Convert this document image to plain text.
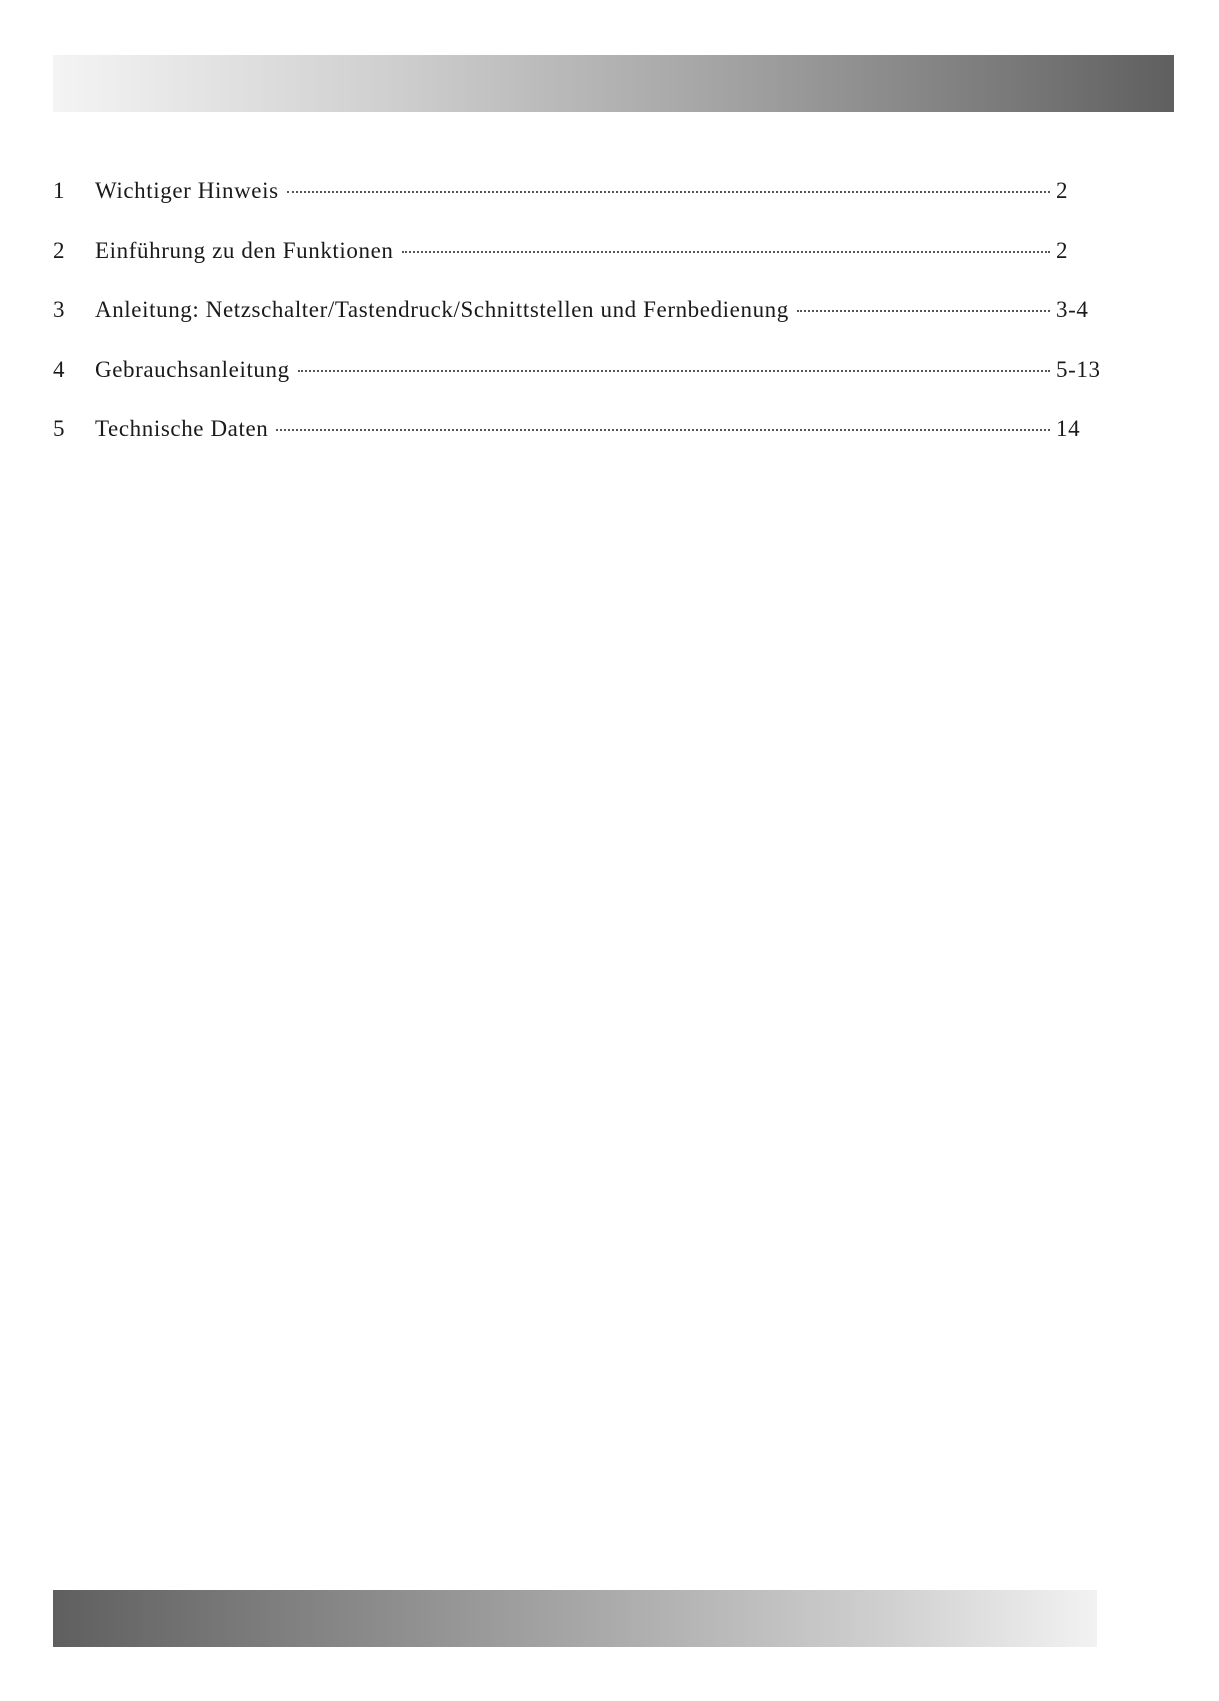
1	Wichtiger Hinweis	2
2	Einführung zu den Funktionen	2
3	Anleitung: Netzschalter/Tastendruck/Schnittstellen und Fernbedienung	3-4
4	Gebrauchsanleitung	5-13
5	Technische Daten	14
